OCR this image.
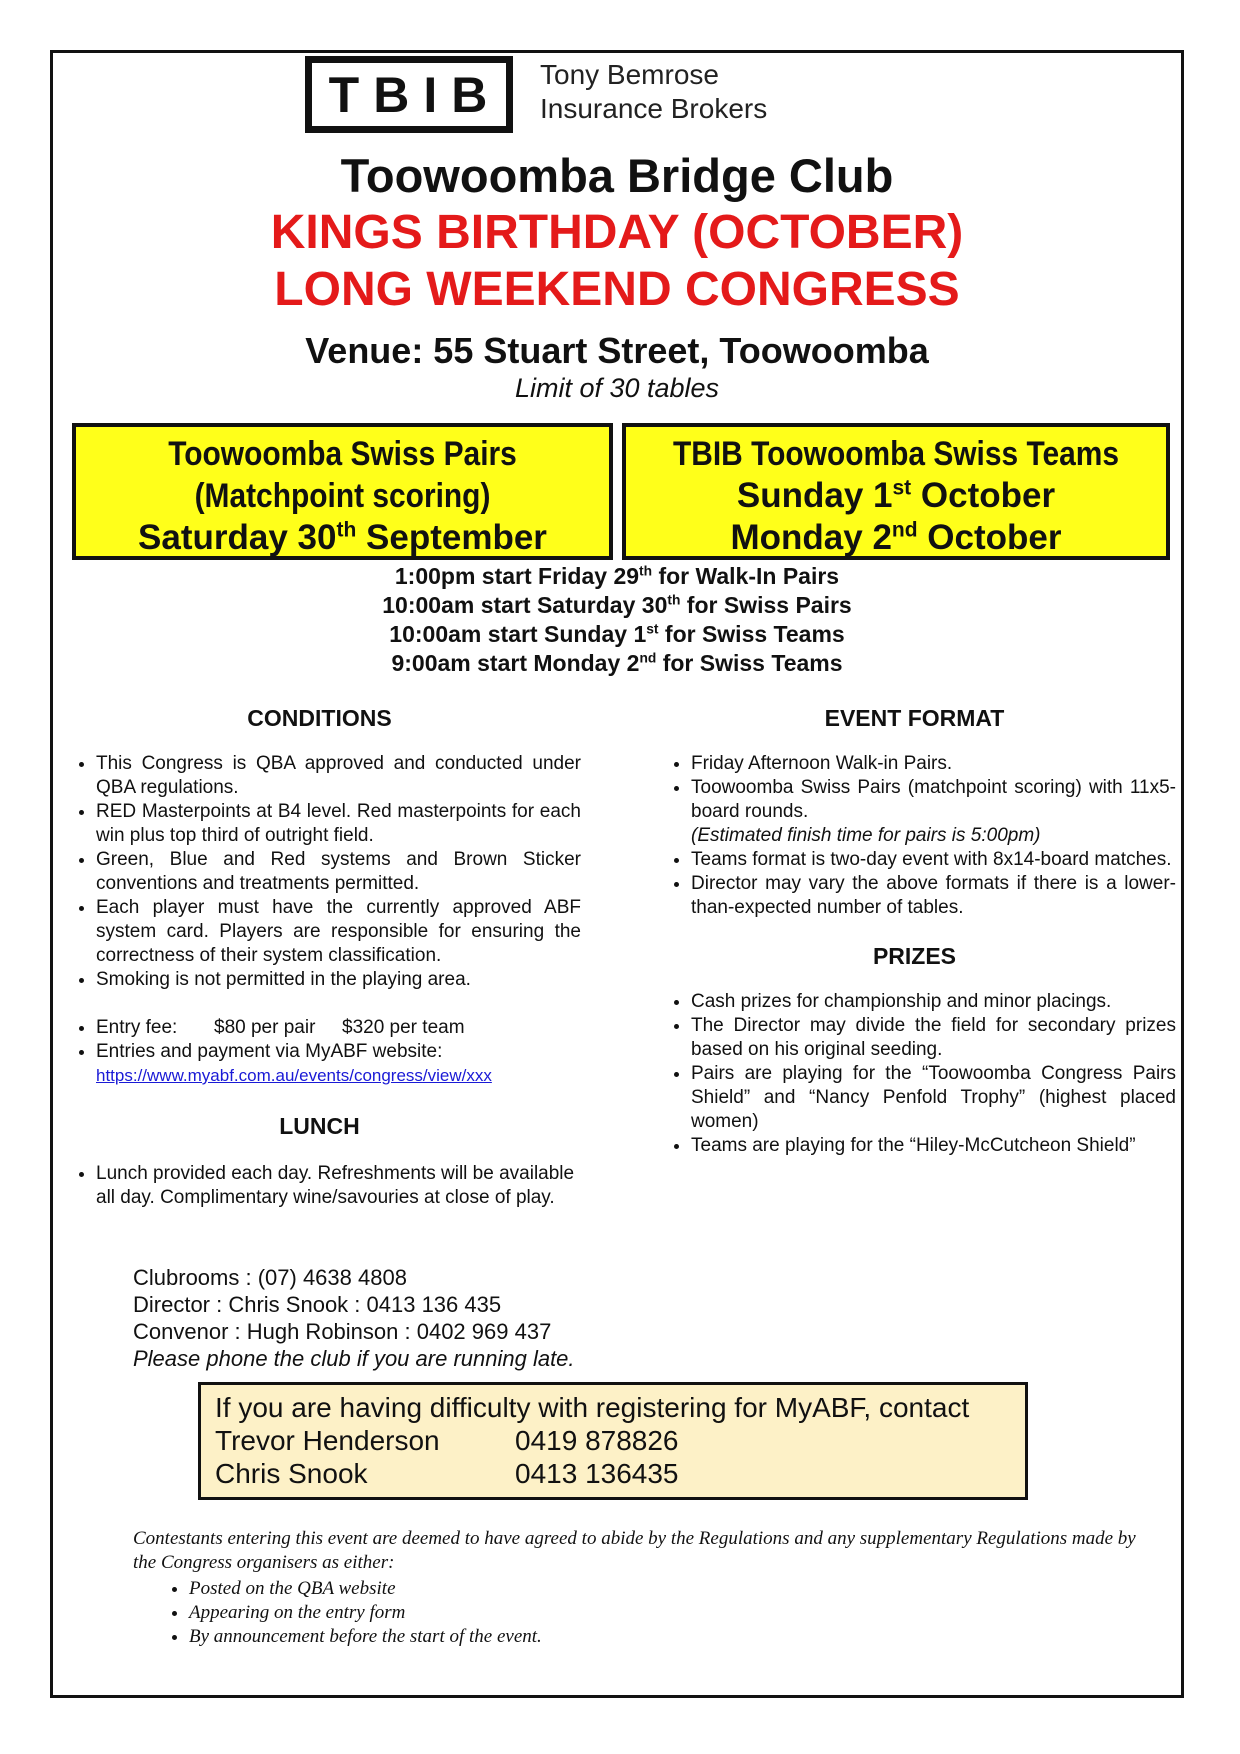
TBIB	Tony Bemrose
Insurance Brokers
Toowoomba Bridge Club
KINGS BIRTHDAY (OCTOBER)
LONG WEEKEND CONGRESS
Venue: 55 Stuart Street, Toowoomba
Limit of 30 tables
Toowoomba Swiss Pairs
(Matchpoint scoring)
Saturday 30th September
TBIB Toowoomba Swiss Teams
Sunday 1st October
Monday 2nd October
1:00pm start Friday 29th for Walk-In Pairs
10:00am start Saturday 30th for Swiss Pairs
10:00am start Sunday 1st for Swiss Teams
9:00am start Monday 2nd for Swiss Teams
CONDITIONS	EVENT FORMAT
• This Congress is QBA approved and conducted under QBA regulations.
• RED Masterpoints at B4 level. Red masterpoints for each win plus top third of outright field.
• Green, Blue and Red systems and Brown Sticker conventions and treatments permitted.
• Each player must have the currently approved ABF system card. Players are responsible for ensuring the correctness of their system classification.
• Smoking is not permitted in the playing area.
• Entry fee: $80 per pair $320 per team
• Entries and payment via MyABF website:
https://www.myabf.com.au/events/congress/view/xxx
LUNCH
• Lunch provided each day. Refreshments will be available all day. Complimentary wine/savouries at close of play.
• Friday Afternoon Walk-in Pairs.
• Toowoomba Swiss Pairs (matchpoint scoring) with 11x5-board rounds.
(Estimated finish time for pairs is 5:00pm)
• Teams format is two-day event with 8x14-board matches.
• Director may vary the above formats if there is a lower-than-expected number of tables.
PRIZES
• Cash prizes for championship and minor placings.
• The Director may divide the field for secondary prizes based on his original seeding.
• Pairs are playing for the “Toowoomba Congress Pairs Shield” and “Nancy Penfold Trophy” (highest placed women)
• Teams are playing for the “Hiley-McCutcheon Shield”
Clubrooms : (07) 4638 4808
Director : Chris Snook : 0413 136 435
Convenor : Hugh Robinson : 0402 969 437
Please phone the club if you are running late.
If you are having difficulty with registering for MyABF, contact
Trevor Henderson	0419 878826
Chris Snook	0413 136435
Contestants entering this event are deemed to have agreed to abide by the Regulations and any supplementary Regulations made by the Congress organisers as either:
• Posted on the QBA website
• Appearing on the entry form
• By announcement before the start of the event.
